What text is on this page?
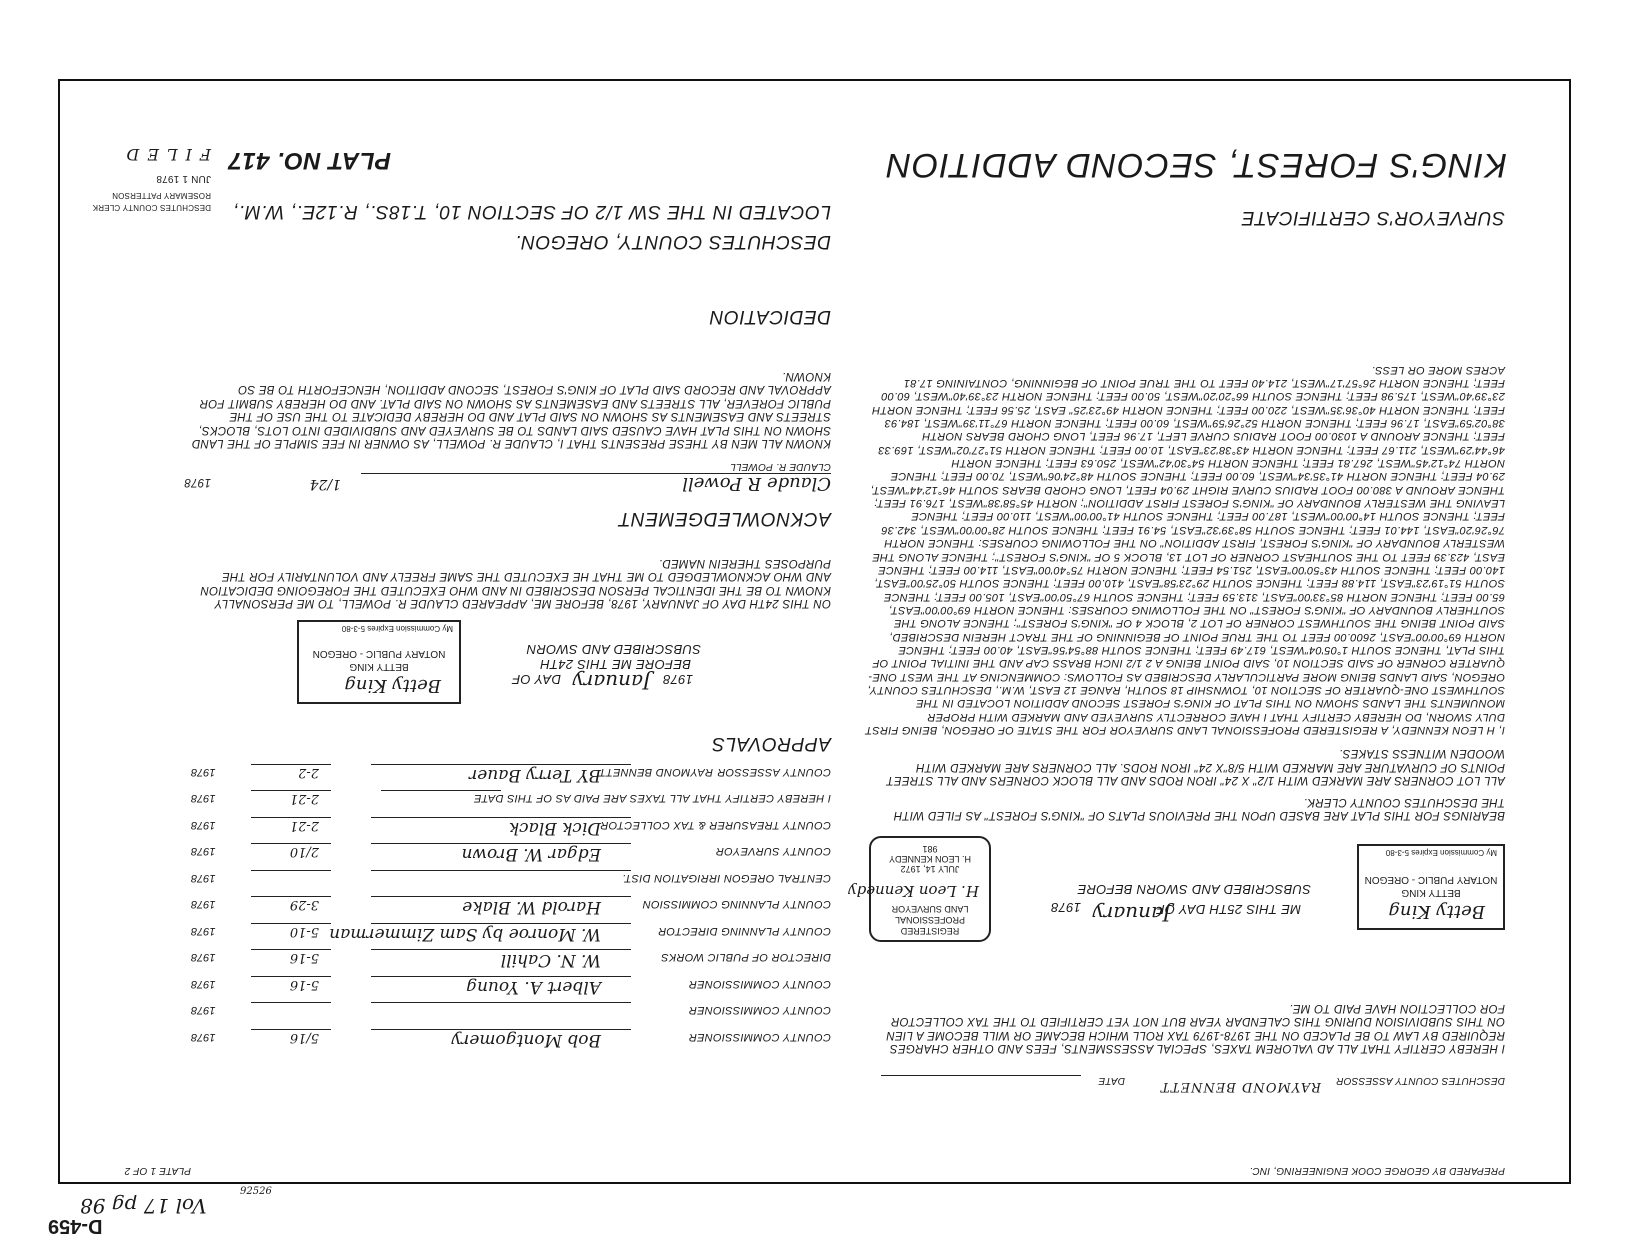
PREPARED BY GEORGE COOK ENGINEERING, INC.
PLATE 1 OF 2
DESCHUTES COUNTY ASSESSOR
RAYMOND BENNETT
DATE
I HEREBY CERTIFY THAT ALL AD VALOREM TAXES, SPECIAL ASSESSMENTS, FEES AND OTHER CHARGES REQUIRED BY LAW TO BE PLACED ON THE 1978-1979 TAX ROLL WHICH BECAME OR WILL BECOME A LIEN ON THIS SUBDIVISION DURING THIS CALENDAR YEAR BUT NOT YET CERTIFIED TO THE TAX COLLECTOR FOR COLLECTION HAVE PAID TO ME.
Betty King
BETTY KING
NOTARY PUBLIC - OREGON
My Commission Expires 5-3-80
SUBSCRIBED AND SWORN BEFORE
ME THIS 25TH DAY OF
January
1978
REGISTERED
PROFESSIONAL
LAND SURVEYOR
H. LEON KENNEDY
JULY 14, 1972
981
H. Leon Kennedy
BEARINGS FOR THIS PLAT ARE BASED UPON THE PREVIOUS PLATS OF "KING'S FOREST" AS FILED WITH THE DESCHUTES COUNTY CLERK.
ALL LOT CORNERS ARE MARKED WITH 1/2" X 24" IRON RODS AND ALL BLOCK CORNERS AND ALL STREET POINTS OF CURVATURE ARE MARKED WITH 5/8"X 24" IRON RODS. ALL CORNERS ARE MARKED WITH WOODEN WITNESS STAKES.
I, H LEON KENNEDY, A REGISTERED PROFESSIONAL LAND SURVEYOR FOR THE STATE OF OREGON, BEING FIRST DULY SWORN, DO HEREBY CERTIFY THAT I HAVE CORRECTLY SURVEYED AND MARKED WITH PROPER MONUMENTS THE LANDS SHOWN ON THIS PLAT OF KING'S FOREST SECOND ADDITION LOCATED IN THE SOUTHWEST ONE-QUARTER OF SECTION 10, TOWNSHIP 18 SOUTH, RANGE 12 EAST, W.M., DESCHUTES COUNTY, OREGON, SAID LANDS BEING MORE PARTICULARLY DESCRIBED AS FOLLOWS: COMMENCING AT THE WEST ONE-QUARTER CORNER OF SAID SECTION 10, SAID POINT BEING A 2 1/2 INCH BRASS CAP AND THE INITIAL POINT OF THIS PLAT, THENCE SOUTH 1°05'04"WEST, 617.49 FEET; THENCE SOUTH 88°54'56"EAST, 40.00 FEET; THENCE NORTH 69°00'00"EAST, 2600.00 FEET TO THE TRUE POINT OF BEGINNING OF THE TRACT HEREIN DESCRIBED, SAID POINT BEING THE SOUTHWEST CORNER OF LOT 2, BLOCK 4 OF "KING'S FOREST"; THENCE ALONG THE SOUTHERLY BOUNDARY OF "KING'S FOREST" ON THE FOLLOWING COURSES: THENCE NORTH 69°00'00"EAST, 65.00 FEET; THENCE NORTH 85°33'00"EAST, 313.59 FEET; THENCE SOUTH 67°50'00"EAST, 105.00 FEET; THENCE SOUTH 51°19'23"EAST, 114.88 FEET; THENCE SOUTH 29°23'58"EAST, 410.00 FEET; THENCE SOUTH 50°25'00"EAST, 140.00 FEET; THENCE SOUTH 43°50'00"EAST, 251.54 FEET; THENCE NORTH 75°40'00"EAST, 114.00 FEET; THENCE EAST, 423.39 FEET TO THE SOUTHEAST CORNER OF LOT 13, BLOCK 5 OF "KING'S FOREST"; THENCE ALONG THE WESTERLY BOUNDARY OF "KING'S FOREST, FIRST ADDITION" ON THE FOLLOWING COURSES: THENCE NORTH 76°26'20"EAST, 144.01 FEET; THENCE SOUTH 58°39'32"EAST, 54.91 FEET; THENCE SOUTH 28°00'00"WEST, 342.36 FEET; THENCE SOUTH 14°00'00"WEST, 187.00 FEET; THENCE SOUTH 41°00'00"WEST, 110.00 FEET; THENCE LEAVING THE WESTERLY BOUNDARY OF "KING'S FOREST FIRST ADDITION"; NORTH 45°58'38"WEST, 176.91 FEET; THENCE AROUND A 380.00 FOOT RADIUS CURVE RIGHT 29.04 FEET, LONG CHORD BEARS SOUTH 46°12'44"WEST, 29.04 FEET; THENCE NORTH 41°35'34"WEST, 60.00 FEET; THENCE SOUTH 48°24'06"WEST, 70.00 FEET; THENCE NORTH 74°12'45"WEST, 267.81 FEET; THENCE NORTH 54°30'42"WEST, 250.63 FEET; THENCE NORTH 46°44'29"WEST, 211.67 FEET; THENCE NORTH 43°38'23"EAST, 10.00 FEET; THENCE NORTH 51°27'02"WEST, 169.33 FEET; THENCE AROUND A 1030.00 FOOT RADIUS CURVE LEFT, 17.96 FEET, LONG CHORD BEARS NORTH 38°02'59"EAST, 17.96 FEET; THENCE NORTH 52°26'59"WEST, 60.00 FEET; THENCE NORTH 67°11'39"WEST, 184.93 FEET; THENCE NORTH 40°36'35"WEST, 220.00 FEET; THENCE NORTH 49°23'25" EAST, 25.56 FEET; THENCE NORTH 23°39'40"WEST, 175.98 FEET; THENCE SOUTH 66°20'20"WEST, 50.00 FEET; THENCE NORTH 23°39'40"WEST, 60.00 FEET; THENCE NORTH 26°57'17"WEST, 214.40 FEET TO THE TRUE POINT OF BEGINNING, CONTAINING 17.81 ACRES MORE OR LESS.
SURVEYOR'S CERTIFICATE
KING'S FOREST, SECOND ADDITION
PLAT NO. 417
LOCATED IN THE SW 1/2 OF SECTION 10, T.18S., R.12E., W.M.,
DESCHUTES COUNTY, OREGON.
DEDICATION
KNOWN ALL MEN BY THESE PRESENTS THAT I, CLAUDE R. POWELL, AS OWNER IN FEE SIMPLE OF THE LAND SHOWN ON THIS PLAT HAVE CAUSED SAID LANDS TO BE SURVEYED AND SUBDIVIDED INTO LOTS, BLOCKS, STREETS AND EASEMENTS AS SHOWN ON SAID PLAT AND DO HEREBY DEDICATE TO THE USE OF THE PUBLIC FOREVER, ALL STREETS AND EASEMENTS AS SHOWN ON SAID PLAT. AND DO HEREBY SUBMIT FOR APPROVAL AND RECORD SAID PLAT OF KING'S FOREST, SECOND ADDITION, HENCEFORTH TO BE SO KNOWN.
Claude R Powell
1/24
1978
CLAUDE R. POWELL
ACKNOWLEDGEMENT
ON THIS 24TH DAY OF JANUARY, 1978, BEFORE ME, APPEARED CLAUDE R. POWELL, TO ME PERSONALLY KNOWN TO BE THE IDENTICAL PERSON DESCRIBED IN AND WHO EXECUTED THE FOREGOING DEDICATION AND WHO ACKNOWLEDGED TO ME THAT HE EXECUTED THE SAME FREELY AND VOLUNTARILY FOR THE PURPOSES THEREIN NAMED.
SUBSCRIBED AND SWORN
BEFORE ME THIS 24TH
DAY OF January 1978
Betty King
BETTY KING
NOTARY PUBLIC - OREGON
My Commission Expires 5-3-80
APPROVALS
COUNTY ASSESSOR
RAYMOND BENNETT
BY Terry Bauer
2-2
1978
I HEREBY CERTIFY THAT ALL TAXES ARE PAID AS OF THIS DATE
2-21
1978
COUNTY TREASURER & TAX COLLECTOR
Dick Black
2-21
1978
COUNTY SURVEYOR
Edgar W. Brown
2/10
1978
CENTRAL OREGON IRRIGATION DIST.
1978
COUNTY PLANNING COMMISSION
Harold W. Blake
3-29
1978
COUNTY PLANNING DIRECTOR
W. Monroe by Sam Zimmerman
5-10
1978
DIRECTOR OF PUBLIC WORKS
W. N. Cahill
5-16
1978
COUNTY COMMISSIONER
Albert A. Young
5-16
1978
COUNTY COMMISSIONER
1978
COUNTY COMMISSIONER
Bob Montgomery
5/16
1978
FILED
JUN 1 1978
ROSEMARY PATTERSON
DESCHUTES COUNTY CLERK
92526
Vol 17 pg 98
D-459
